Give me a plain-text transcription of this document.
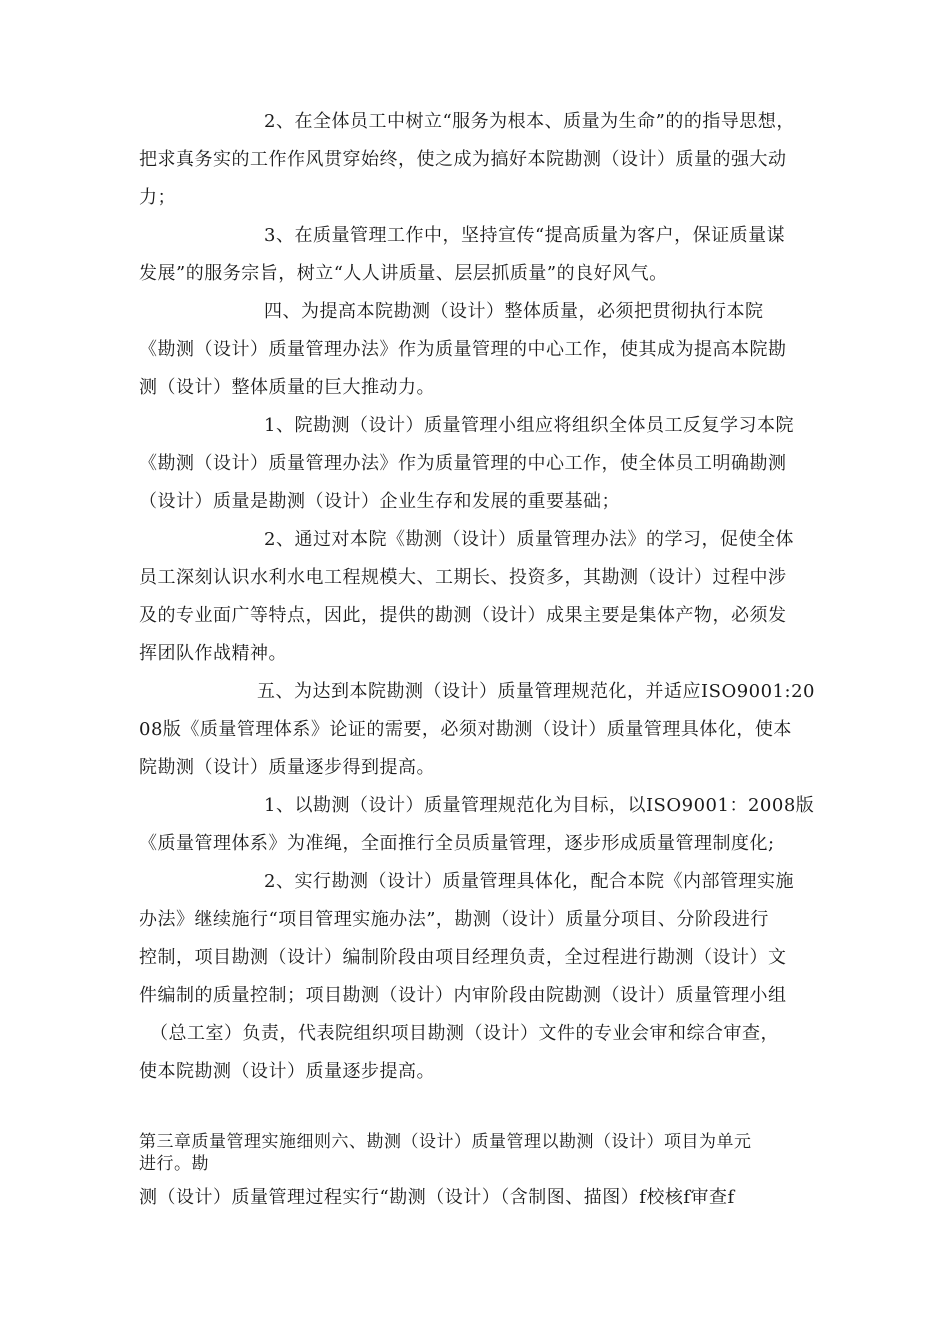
2、在全体员工中树立“服务为根本、质量为生命”的的指导思想，
把求真务实的工作作风贯穿始终，使之成为搞好本院勘测（设计）质量的强大动
力；
3、在质量管理工作中，坚持宣传“提高质量为客户，保证质量谋
发展”的服务宗旨，树立“人人讲质量、层层抓质量”的良好风气。
四、为提高本院勘测（设计）整体质量，必须把贯彻执行本院
《勘测（设计）质量管理办法》作为质量管理的中心工作，使其成为提高本院勘
测（设计）整体质量的巨大推动力。
1、院勘测（设计）质量管理小组应将组织全体员工反复学习本院
《勘测（设计）质量管理办法》作为质量管理的中心工作，使全体员工明确勘测
（设计）质量是勘测（设计）企业生存和发展的重要基础；
2、通过对本院《勘测（设计）质量管理办法》的学习，促使全体
员工深刻认识水利水电工程规模大、工期长、投资多，其勘测（设计）过程中涉
及的专业面广等特点，因此，提供的勘测（设计）成果主要是集体产物，必须发
挥团队作战精神。
五、为达到本院勘测（设计）质量管理规范化，并适应ISO9001:20
08版《质量管理体系》论证的需要，必须对勘测（设计）质量管理具体化，使本
院勘测（设计）质量逐步得到提高。
1、以勘测（设计）质量管理规范化为目标，以ISO9001：2008版
《质量管理体系》为准绳，全面推行全员质量管理，逐步形成质量管理制度化;
2、实行勘测（设计）质量管理具体化，配合本院《内部管理实施
办法》继续施行“项目管理实施办法”，勘测（设计）质量分项目、分阶段进行
控制，项目勘测（设计）编制阶段由项目经理负责，全过程进行勘测（设计）文
件编制的质量控制；项目勘测（设计）内审阶段由院勘测（设计）质量管理小组
（总工室）负责，代表院组织项目勘测（设计）文件的专业会审和综合审查，
使本院勘测（设计）质量逐步提高。
第三章质量管理实施细则六、勘测（设计）质量管理以勘测（设计）项目为单元
进行。勘
测（设计）质量管理过程实行“勘测（设计）（含制图、描图）f校核f审查f
